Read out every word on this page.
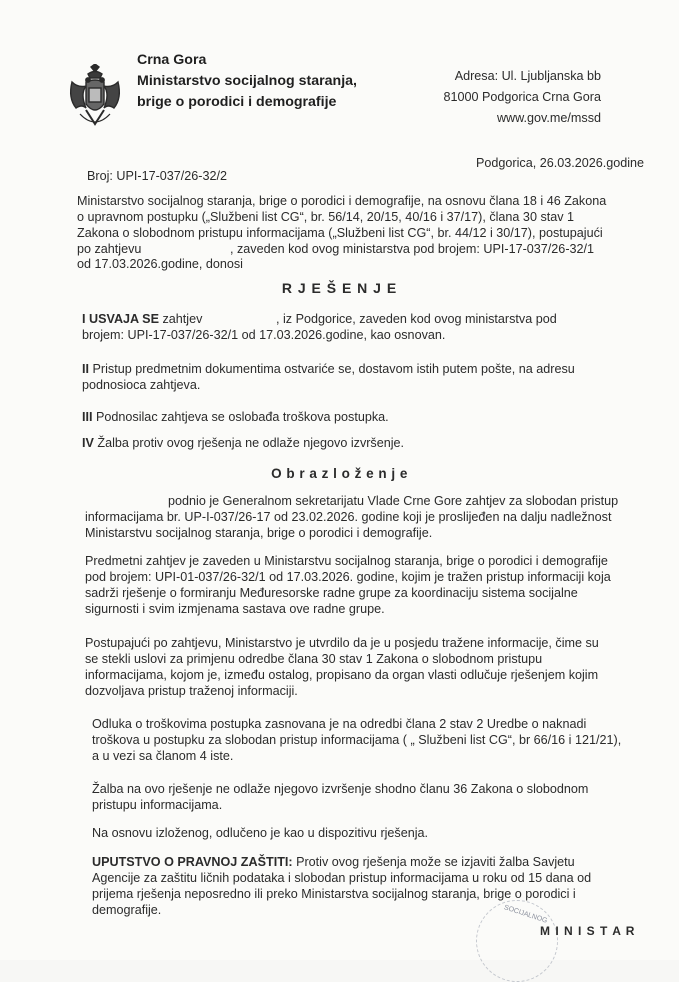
Crna Gora
Ministarstvo socijalnog staranja,
brige o porodici i demografije
Adresa: Ul. Ljubljanska bb
81000 Podgorica Crna Gora
www.gov.me/mssd
Podgorica, 26.03.2026.godine
Broj: UPI-17-037/26-32/2
Ministarstvo socijalnog staranja, brige o porodici i demografije, na osnovu člana 18 i 46 Zakona
o upravnom postupku („Službeni list CG“, br. 56/14, 20/15, 40/16 i 37/17), člana 30 stav 1
Zakona o slobodnom pristupu informacijama („Službeni list CG“, br. 44/12 i 30/17), postupajući
po zahtjevu	, zaveden kod ovog ministarstva pod brojem: UPI-17-037/26-32/1
od 17.03.2026.godine, donosi
R J E Š E N J E
I USVAJA SE zahtjev	, iz Podgorice, zaveden kod ovog ministarstva pod
brojem: UPI-17-037/26-32/1 od 17.03.2026.godine, kao osnovan.
II Pristup predmetnim dokumentima ostvariće se, dostavom istih putem pošte, na adresu
podnosioca zahtjeva.
III Podnosilac zahtjeva se oslobađa troškova postupka.
IV Žalba protiv ovog rješenja ne odlaže njegovo izvršenje.
O b r a z l o ž e n j e
podnio je Generalnom sekretarijatu Vlade Crne Gore zahtjev za slobodan pristup
informacijama br. UP-I-037/26-17 od 23.02.2026. godine koji je proslijeđen na dalju nadležnost
Ministarstvu socijalnog staranja, brige o porodici i demografije.
Predmetni zahtjev je zaveden u Ministarstvu socijalnog staranja, brige o porodici i demografije
pod brojem: UPI-01-037/26-32/1 od 17.03.2026. godine, kojim je tražen pristup informaciji koja
sadrži rješenje o formiranju Međuresorske radne grupe za koordinaciju sistema socijalne
sigurnosti i svim izmjenama sastava ove radne grupe.
Postupajući po zahtjevu, Ministarstvo je utvrdilo da je u posjedu tražene informacije, čime su
se stekli uslovi za primjenu odredbe člana 30 stav 1 Zakona o slobodnom pristupu
informacijama, kojom je, između ostalog, propisano da organ vlasti odlučuje rješenjem kojim
dozvoljava pristup traženoj informaciji.
Odluka o troškovima postupka zasnovana je na odredbi člana 2 stav 2 Uredbe o naknadi
troškova u postupku za slobodan pristup informacijama ( „ Službeni list CG“, br 66/16 i 121/21),
a u vezi sa članom 4 iste.
Žalba na ovo rješenje ne odlaže njegovo izvršenje shodno članu 36 Zakona o slobodnom
pristupu informacijama.
Na osnovu izloženog, odlučeno je kao u dispozitivu rješenja.
UPUTSTVO O PRAVNOJ ZAŠTITI: Protiv ovog rješenja može se izjaviti žalba Savjetu
Agencije za zaštitu ličnih podataka i slobodan pristup informacijama u roku od 15 dana od
prijema rješenja neposredno ili preko Ministarstva socijalnog staranja, brige o porodici i
demografije.	SOCIJALNOG
M I N I S T A R
